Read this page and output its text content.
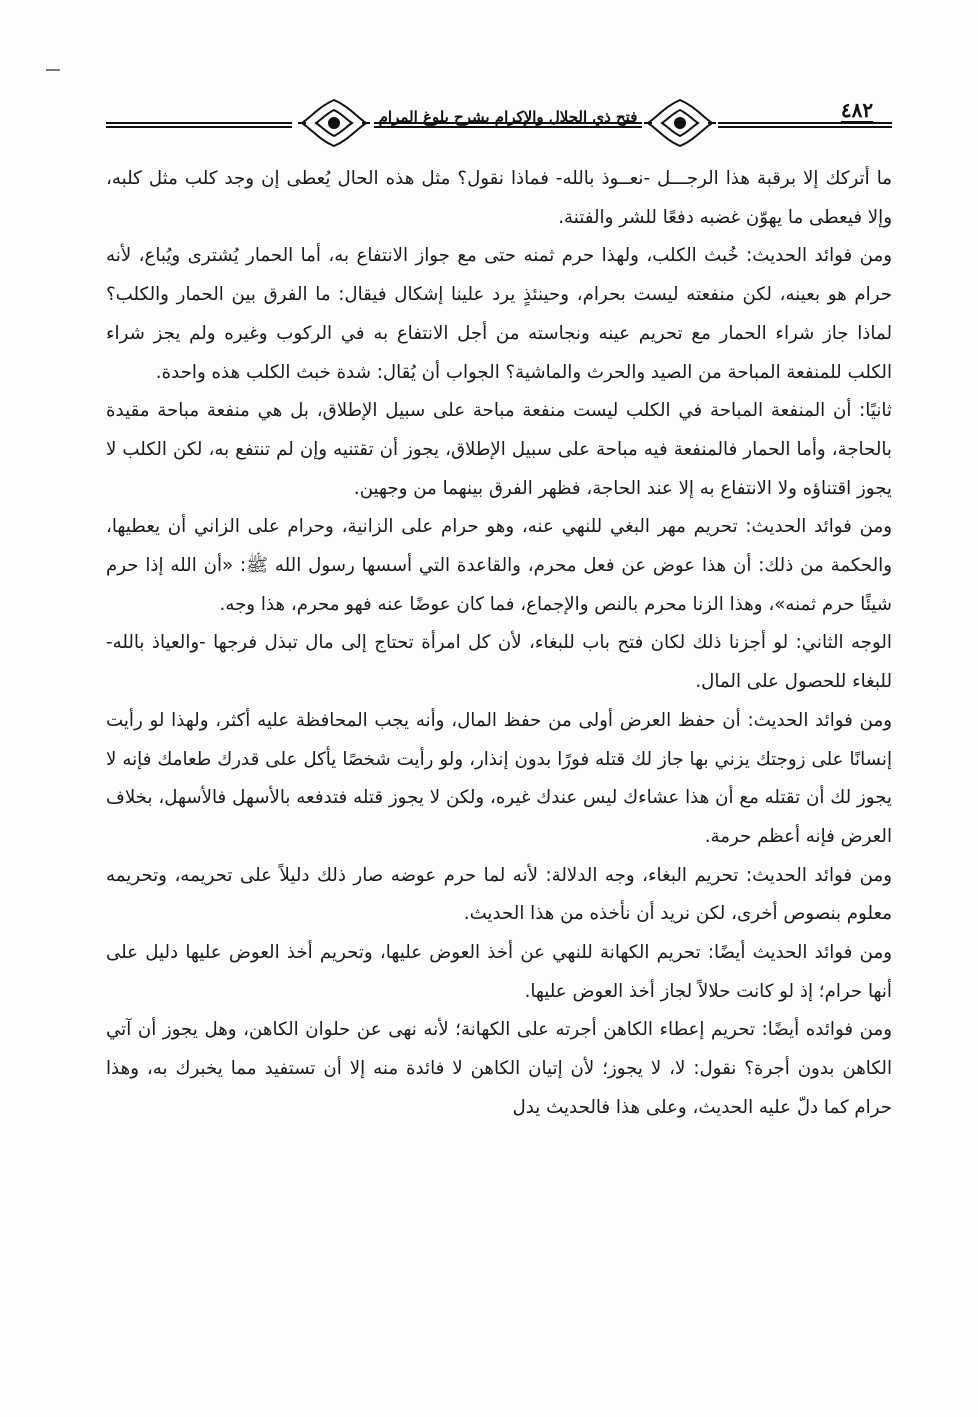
فتح ذي الجلال والإكرام بشرح بلوغ المرام	٤٨٢

ما أتركك إلا برقبة هذا الرجـــل -نعــوذ بالله- فماذا نقول؟ مثل هذه الحال يُعطى إن وجد كلب مثل كلبه، وإلا فيعطى ما يهوّن غضبه دفعًا للشر والفتنة.

ومن فوائد الحديث: خُبث الكلب، ولهذا حرم ثمنه حتى مع جواز الانتفاع به، أما الحمار يُشترى ويُباع، لأنه حرام هو بعينه، لكن منفعته ليست بحرام، وحينئذٍ يرد علينا إشكال فيقال: ما الفرق بين الحمار والكلب؟ لماذا جاز شراء الحمار مع تحريم عينه ونجاسته من أجل الانتفاع به في الركوب وغيره ولم يجز شراء الكلب للمنفعة المباحة من الصيد والحرث والماشية؟ الجواب أن يُقال: شدة خبث الكلب هذه واحدة.

ثانيًا: أن المنفعة المباحة في الكلب ليست منفعة مباحة على سبيل الإطلاق، بل هي منفعة مباحة مقيدة بالحاجة، وأما الحمار فالمنفعة فيه مباحة على سبيل الإطلاق، يجوز أن تقتنيه وإن لم تنتفع به، لكن الكلب لا يجوز اقتناؤه ولا الانتفاع به إلا عند الحاجة، فظهر الفرق بينهما من وجهين.

ومن فوائد الحديث: تحريم مهر البغي للنهي عنه، وهو حرام على الزانية، وحرام على الزاني أن يعطيها، والحكمة من ذلك: أن هذا عوض عن فعل محرم، والقاعدة التي أسسها رسول الله ﷺ: «أن الله إذا حرم شيئًا حرم ثمنه»، وهذا الزنا محرم بالنص والإجماع، فما كان عوضًا عنه فهو محرم، هذا وجه.

الوجه الثاني: لو أجزنا ذلك لكان فتح باب للبغاء، لأن كل امرأة تحتاج إلى مال تبذل فرجها -والعياذ بالله- للبغاء للحصول على المال.

ومن فوائد الحديث: أن حفظ العرض أولى من حفظ المال، وأنه يجب المحافظة عليه أكثر، ولهذا لو رأيت إنسانًا على زوجتك يزني بها جاز لك قتله فورًا بدون إنذار، ولو رأيت شخصًا يأكل على قدرك طعامك فإنه لا يجوز لك أن تقتله مع أن هذا عشاءك ليس عندك غيره، ولكن لا يجوز قتله فتدفعه بالأسهل فالأسهل، بخلاف العرض فإنه أعظم حرمة.

ومن فوائد الحديث: تحريم البغاء، وجه الدلالة: لأنه لما حرم عوضه صار ذلك دليلاً على تحريمه، وتحريمه معلوم بنصوص أخرى، لكن نريد أن نأخذه من هذا الحديث.

ومن فوائد الحديث أيضًا: تحريم الكهانة للنهي عن أخذ العوض عليها، وتحريم أخذ العوض عليها دليل على أنها حرام؛ إذ لو كانت حلالاً لجاز أخذ العوض عليها.

ومن فوائده أيضًا: تحريم إعطاء الكاهن أجرته على الكهانة؛ لأنه نهى عن حلوان الكاهن، وهل يجوز أن آتي الكاهن بدون أجرة؟ نقول: لا، لا يجوز؛ لأن إتيان الكاهن لا فائدة منه إلا أن تستفيد مما يخبرك به، وهذا حرام كما دلّ عليه الحديث، وعلى هذا فالحديث يدل
